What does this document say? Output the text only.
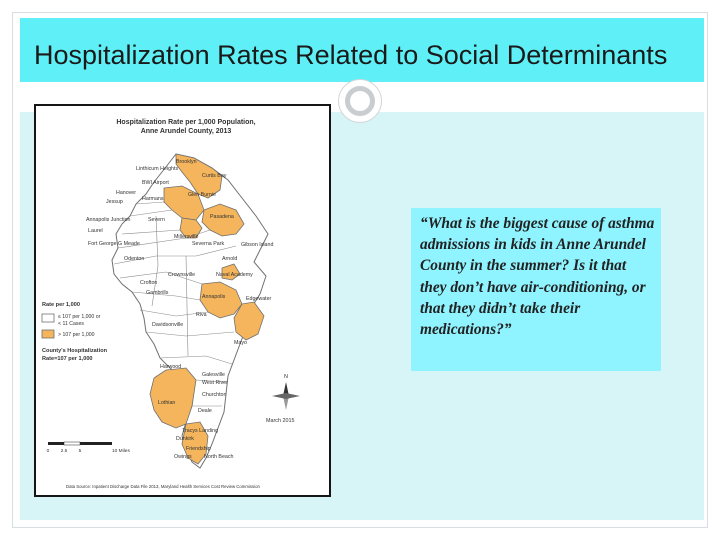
Hospitalization Rates Related to Social Determinants
Hospitalization Rate per 1,000 Population,
Anne Arundel County, 2013
Brooklyn
Linthicum Heights
Curtis Bay
BWI Airport
Hanover	Glen Burnie
Harmans
Jessup
Annapolis Junction	Severn	Pasadena
Laurel
Fort George G Meade
Millersville
Severna Park	Gibson Island
Odenton	Arnold
Crownsville	Naval Academy
Crofton
Gambrills
Annapolis	Edgewater
Riva
Davidsonville
Mayo
Harwood
Galesville
West River
Lothian
Churchton
Deale
Tracys Landing
Dunkirk
Friendship
Owings North Beach
Rate per 1,000
≤ 107 per 1,000 or
< 11 Cases
> 107 per 1,000
County's Hospitalization
Rate=107 per 1,000
N
March 2015
0 2.5 5	10 Miles
Data Source: Inpatient Discharge Data File 2013, Maryland Health Services Cost Review Commission
“What is the biggest cause of asthma admissions in kids in Anne Arundel County in the summer? Is it that they don’t have air-conditioning, or that they didn’t take their medications?”
